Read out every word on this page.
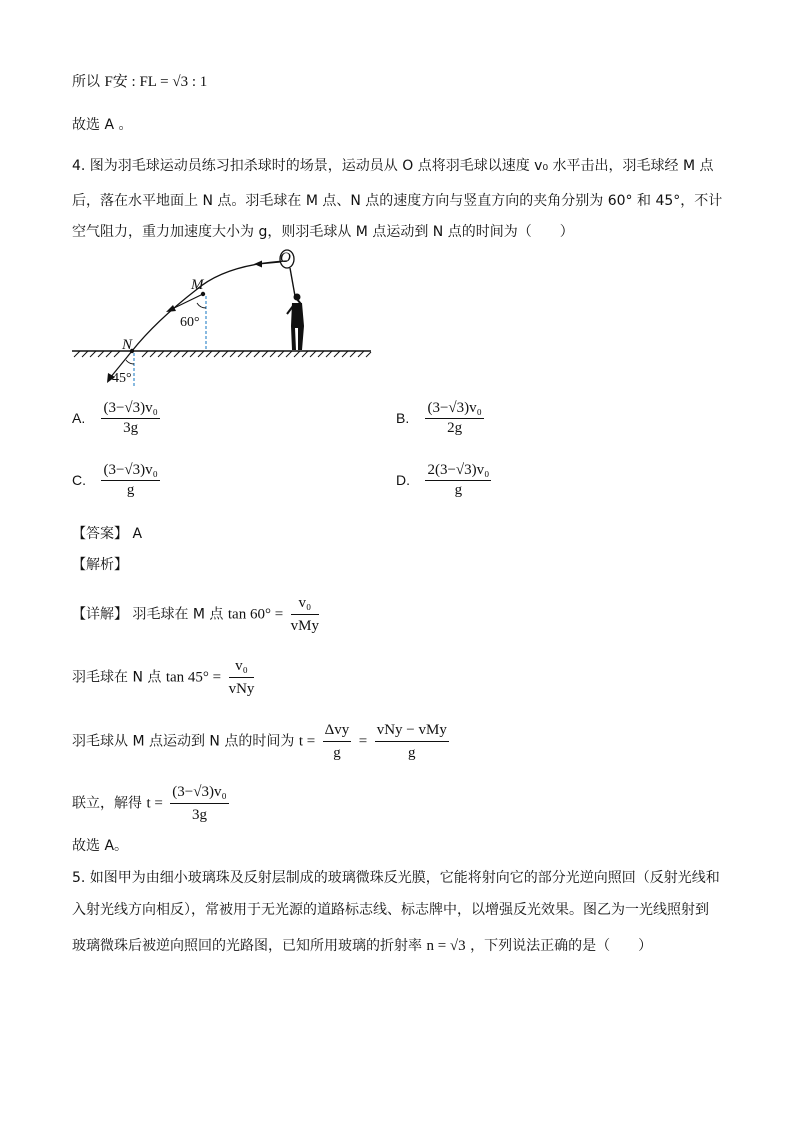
所以 F安 : FL = √3 : 1
故选 A 。
4. 图为羽毛球运动员练习扣杀球时的场景，运动员从 O 点将羽毛球以速度 v₀ 水平击出，羽毛球经 M 点
后，落在水平地面上 N 点。羽毛球在 M 点、N 点的速度方向与竖直方向的夹角分别为 60° 和 45°，不计
空气阻力，重力加速度大小为 g，则羽毛球从 M 点运动到 N 点的时间为（　　）
O
M
N
60°
45°
A. $\frac{\text{(3−√3)v₀}}{3g}$	B. $\frac{\text{(3−√3)v₀}}{2g}$
C. $\frac{\text{(3−√3)v₀}}{g}$	D. $\frac{\text{2(3−√3)v₀}}{g}$
【答案】 A
【解析】
【详解】 羽毛球在 M 点 $\tan 60^\circ = \frac{\text{v₀}}{\text{vMy}}$
羽毛球在 N 点 $\tan 45^\circ = \frac{\text{v₀}}{\text{vNy}}$
羽毛球从 M 点运动到 N 点的时间为 $t = \frac{\text{Δvy}}{g} = \frac{\text{vNy − vMy}}{g}$
联立，解得 $t = \frac{\text{(3−√3)v₀}}{3g}$
故选 A。
5. 如图甲为由细小玻璃珠及反射层制成的玻璃微珠反光膜，它能将射向它的部分光逆向照回（反射光线和
入射光线方向相反），常被用于无光源的道路标志线、标志牌中，以增强反光效果。图乙为一光线照射到
玻璃微珠后被逆向照回的光路图，已知所用玻璃的折射率 n = √3 ，下列说法正确的是（　　）
